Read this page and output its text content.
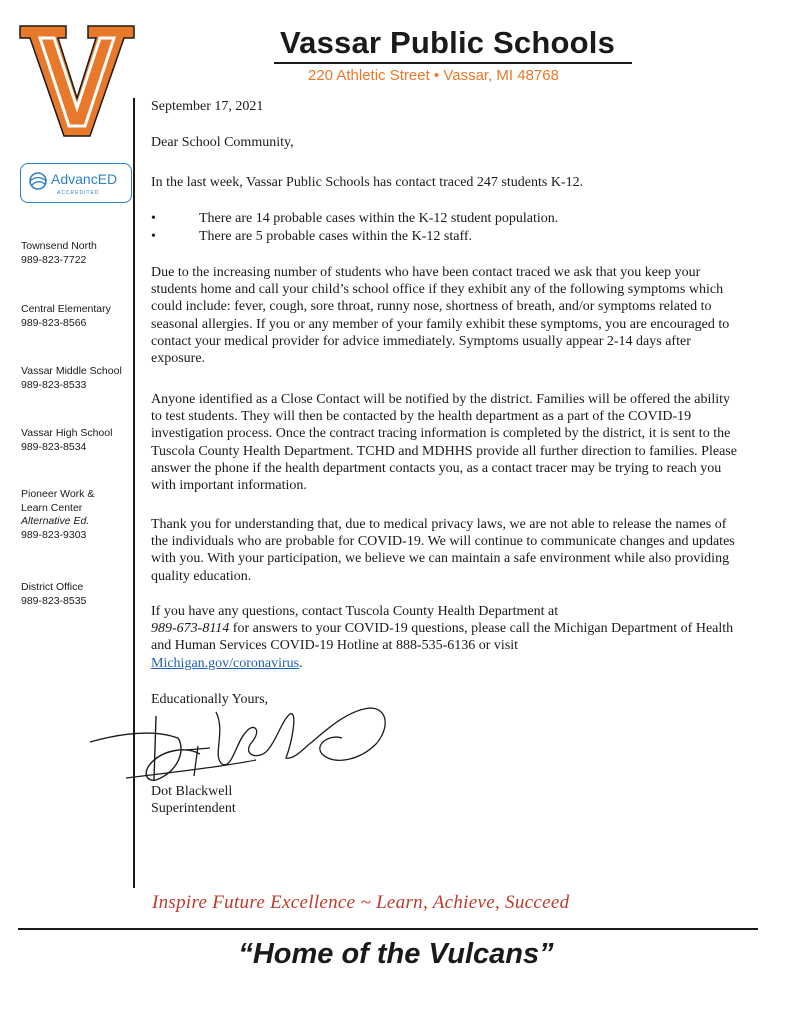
Vassar Public Schools
220 Athletic Street • Vassar, MI 48768
AdvancED
ACCREDITED
Townsend North
989-823-7722
Central Elementary
989-823-8566
Vassar Middle School
989-823-8533
Vassar High School
989-823-8534
Pioneer Work &
Learn Center
Alternative Ed.
989-823-9303
District Office
989-823-8535

September 17, 2021

Dear School Community,

In the last week, Vassar Public Schools has contact traced 247 students K-12.

• There are 14 probable cases within the K-12 student population.
• There are 5 probable cases within the K-12 staff.

Due to the increasing number of students who have been contact traced we ask that you keep your students home and call your child’s school office if they exhibit any of the following symptoms which could include: fever, cough, sore throat, runny nose, shortness of breath, and/or symptoms related to seasonal allergies. If you or any member of your family exhibit these symptoms, you are encouraged to contact your medical provider for advice immediately. Symptoms usually appear 2-14 days after exposure.

Anyone identified as a Close Contact will be notified by the district. Families will be offered the ability to test students. They will then be contacted by the health department as a part of the COVID-19 investigation process. Once the contract tracing information is completed by the district, it is sent to the Tuscola County Health Department. TCHD and MDHHS provide all further direction to families. Please answer the phone if the health department contacts you, as a contact tracer may be trying to reach you with important information.

Thank you for understanding that, due to medical privacy laws, we are not able to release the names of the individuals who are probable for COVID-19. We will continue to communicate changes and updates with you. With your participation, we believe we can maintain a safe environment while also providing quality education.

If you have any questions, contact Tuscola County Health Department at
989-673-8114 for answers to your COVID-19 questions, please call the Michigan Department of Health and Human Services COVID-19 Hotline at 888-535-6136 or visit
Michigan.gov/coronavirus.

Educationally Yours,

Dot Blackwell

Superintendent

Inspire Future Excellence ~ Learn, Achieve, Succeed
“Home of the Vulcans”
